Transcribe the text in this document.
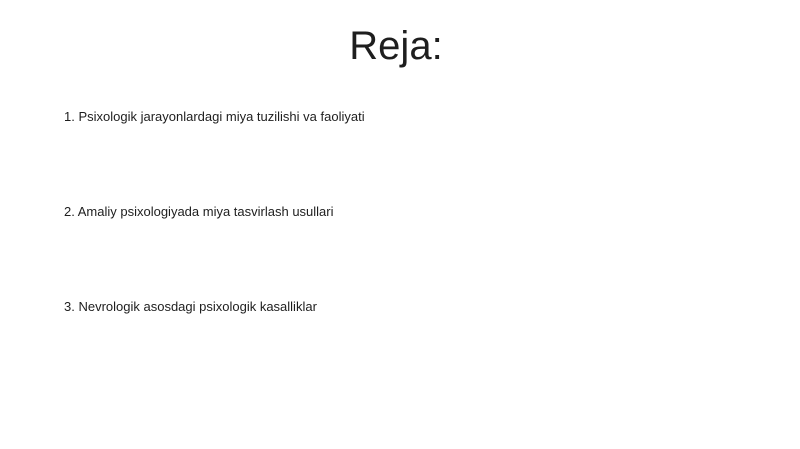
Reja:
1. Psixologik jarayonlardagi miya tuzilishi va faoliyati
2. Amaliy psixologiyada miya tasvirlash usullari
3. Nevrologik asosdagi psixologik kasalliklar
